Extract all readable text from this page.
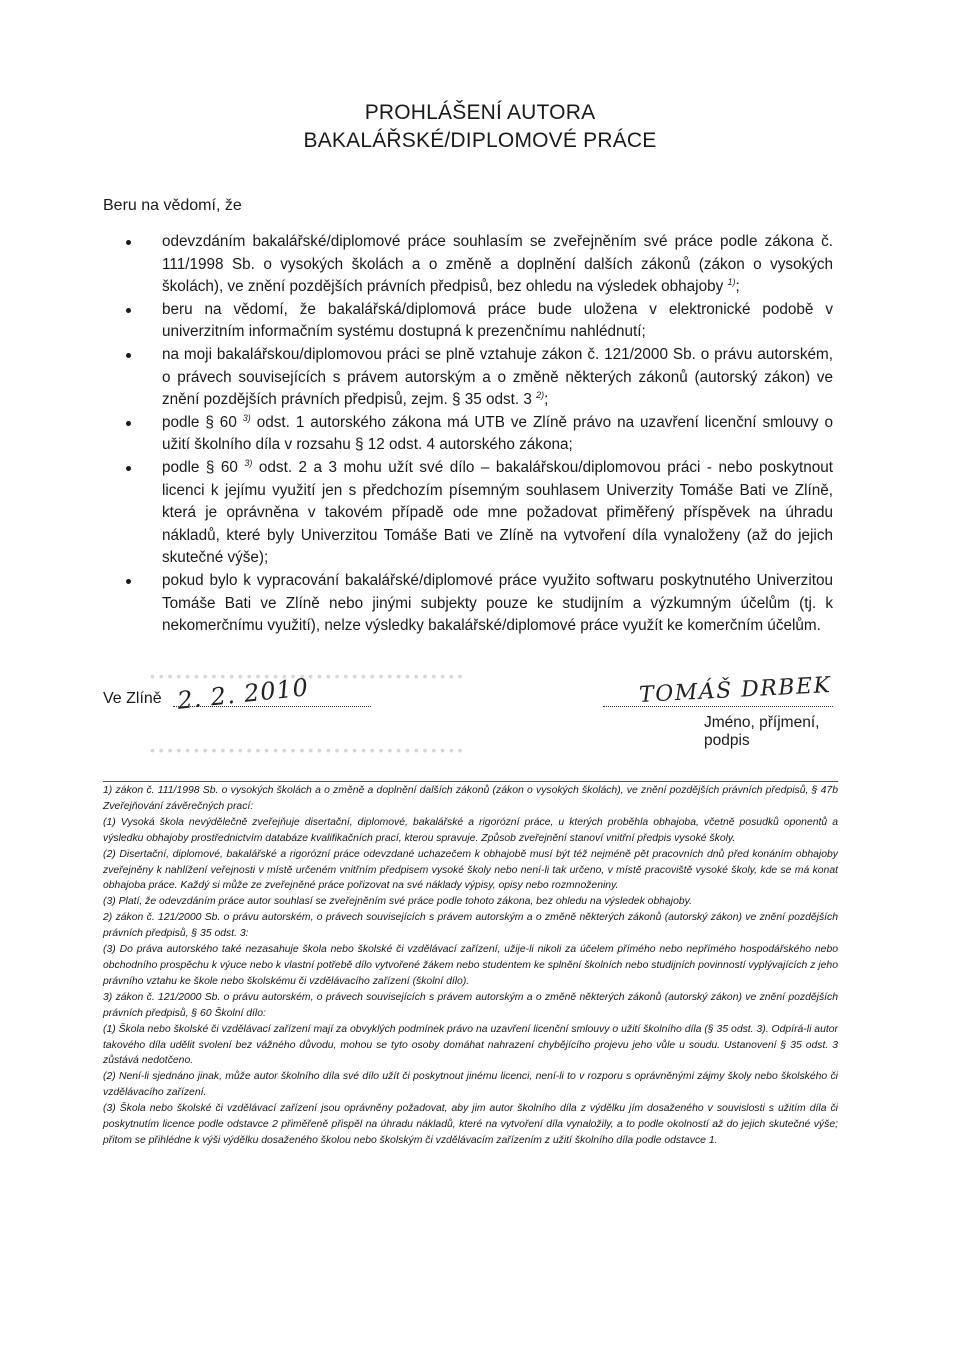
PROHLÁŠENÍ AUTORA
BAKALÁŘSKÉ/DIPLOMOVÉ PRÁCE
Beru na vědomí, že
odevzdáním bakalářské/diplomové práce souhlasím se zveřejněním své práce podle zákona č. 111/1998 Sb. o vysokých školách a o změně a doplnění dalších zákonů (zákon o vysokých školách), ve znění pozdějších právních předpisů, bez ohledu na výsledek obhajoby $^{1)}$;
beru na vědomí, že bakalářská/diplomová práce bude uložena v elektronické podobě v univerzitním informačním systému dostupná k prezenčnímu nahlédnutí;
na moji bakalářskou/diplomovou práci se plně vztahuje zákon č. 121/2000 Sb. o právu autorském, o právech souvisejících s právem autorským a o změně některých zákonů (autorský zákon) ve znění pozdějších právních předpisů, zejm. § 35 odst. 3 $^{2)}$;
podle § 60 $^{3)}$ odst. 1 autorského zákona má UTB ve Zlíně právo na uzavření licenční smlouvy o užití školního díla v rozsahu § 12 odst. 4 autorského zákona;
podle § 60 $^{3)}$ odst. 2 a 3 mohu užít své dílo – bakalářskou/diplomovou práci - nebo poskytnout licenci k jejímu využití jen s předchozím písemným souhlasem Univerzity Tomáše Bati ve Zlíně, která je oprávněna v takovém případě ode mne požadovat přiměřený příspěvek na úhradu nákladů, které byly Univerzitou Tomáše Bati ve Zlíně na vytvoření díla vynaloženy (až do jejich skutečné výše);
pokud bylo k vypracování bakalářské/diplomové práce využito softwaru poskytnutého Univerzitou Tomáše Bati ve Zlíně nebo jinými subjekty pouze ke studijním a výzkumným účelům (tj. k nekomerčnímu využití), nelze výsledky bakalářské/diplomové práce využít ke komerčním účelům.
• • • • • • • • • • • • • • • • • • • • • • • • • • • • • • • • • • • •
• • • • • • • • • • • • • • • • • • • • • • • • • • • • • • • • • • • •
Ve Zlíně 2. 2. 2010	TOMÁŠ DRBEK
Jméno, příjmení, podpis

1) zákon č. 111/1998 Sb. o vysokých školách a o změně a doplnění dalších zákonů (zákon o vysokých školách), ve znění pozdějších právních předpisů, § 47b Zveřejňování závěrečných prací:

(1) Vysoká škola nevýdělečně zveřejňuje disertační, diplomové, bakalářské a rigorózní práce, u kterých proběhla obhajoba, včetně posudků oponentů a výsledku obhajoby prostřednictvím databáze kvalifikačních prací, kterou spravuje. Způsob zveřejnění stanoví vnitřní předpis vysoké školy.

(2) Disertační, diplomové, bakalářské a rigorózní práce odevzdané uchazečem k obhajobě musí být též nejméně pět pracovních dnů před konáním obhajoby zveřejněny k nahlížení veřejnosti v místě určeném vnitřním předpisem vysoké školy nebo není-li tak určeno, v místě pracoviště vysoké školy, kde se má konat obhajoba práce. Každý si může ze zveřejněné práce pořizovat na své náklady výpisy, opisy nebo rozmnoženiny.

(3) Platí, že odevzdáním práce autor souhlasí se zveřejněním své práce podle tohoto zákona, bez ohledu na výsledek obhajoby.

2) zákon č. 121/2000 Sb. o právu autorském, o právech souvisejících s právem autorským a o změně některých zákonů (autorský zákon) ve znění pozdějších právních předpisů, § 35 odst. 3:

(3) Do práva autorského také nezasahuje škola nebo školské či vzdělávací zařízení, užije-li nikoli za účelem přímého nebo nepřímého hospodářského nebo obchodního prospěchu k výuce nebo k vlastní potřebě dílo vytvořené žákem nebo studentem ke splnění školních nebo studijních povinností vyplývajících z jeho právního vztahu ke škole nebo školskému či vzdělávacího zařízení (školní dílo).

3) zákon č. 121/2000 Sb. o právu autorském, o právech souvisejících s právem autorským a o změně některých zákonů (autorský zákon) ve znění pozdějších právních předpisů, § 60 Školní dílo:

(1) Škola nebo školské či vzdělávací zařízení mají za obvyklých podmínek právo na uzavření licenční smlouvy o užití školního díla (§ 35 odst. 3). Odpírá-li autor takového díla udělit svolení bez vážného důvodu, mohou se tyto osoby domáhat nahrazení chybějícího projevu jeho vůle u soudu. Ustanovení § 35 odst. 3 zůstává nedotčeno.

(2) Není-li sjednáno jinak, může autor školního díla své dílo užít či poskytnout jinému licenci, není-li to v rozporu s oprávněnými zájmy školy nebo školského či vzdělávacího zařízení.

(3) Škola nebo školské či vzdělávací zařízení jsou oprávněny požadovat, aby jim autor školního díla z výdělku jím dosaženého v souvislosti s užitím díla či poskytnutím licence podle odstavce 2 přiměřeně přispěl na úhradu nákladů, které na vytvoření díla vynaložily, a to podle okolností až do jejich skutečné výše; přitom se přihlédne k výši výdělku dosaženého školou nebo školským či vzdělávacím zařízením z užití školního díla podle odstavce 1.
